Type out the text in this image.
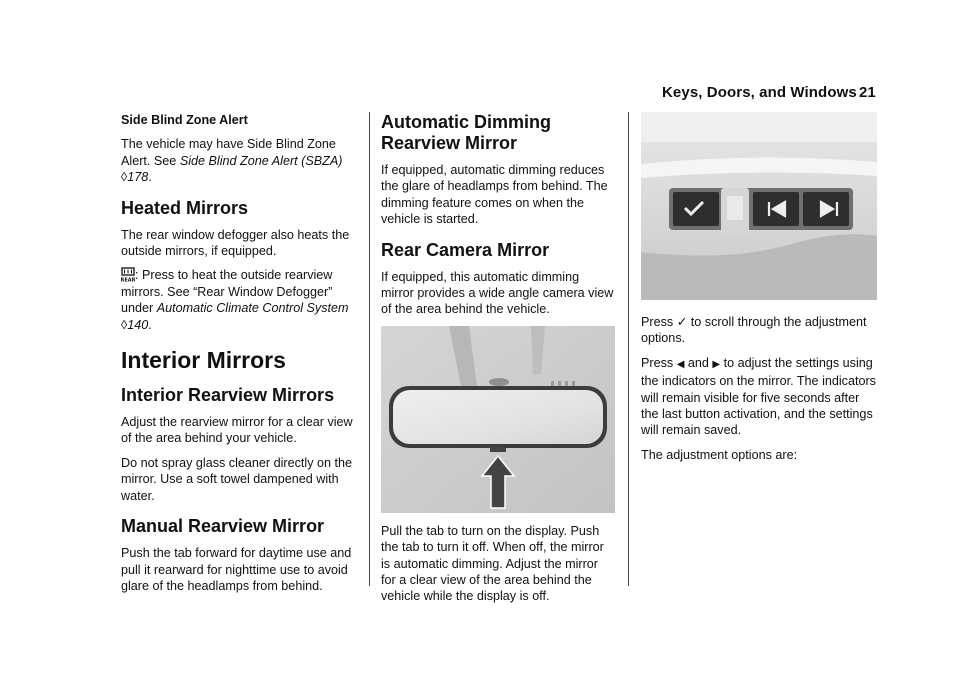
Keys, Doors, and Windows 21
Side Blind Zone Alert

The vehicle may have Side Blind Zone Alert. See Side Blind Zone Alert (SBZA) ◊178.

Heated Mirrors

The rear window defogger also heats the outside mirrors, if equipped.

REAR : Press to heat the outside rearview mirrors. See “Rear Window Defogger” under Automatic Climate Control System ◊140.

Interior Mirrors
Interior Rearview Mirrors

Adjust the rearview mirror for a clear view of the area behind your vehicle.

Do not spray glass cleaner directly on the mirror. Use a soft towel dampened with water.

Manual Rearview Mirror

Push the tab forward for daytime use and pull it rearward for nighttime use to avoid glare of the headlamps from behind.

Automatic Dimming Rearview Mirror

If equipped, automatic dimming reduces the glare of headlamps from behind. The dimming feature comes on when the vehicle is started.

Rear Camera Mirror

If equipped, this automatic dimming mirror provides a wide angle camera view of the area behind the vehicle.

Pull the tab to turn on the display. Push the tab to turn it off. When off, the mirror is automatic dimming. Adjust the mirror for a clear view of the area behind the vehicle while the display is off.

Press ✓ to scroll through the adjustment options.

Press ◀ and ▶ to adjust the settings using the indicators on the mirror. The indicators will remain visible for five seconds after the last button activation, and the settings will remain saved.

The adjustment options are:
